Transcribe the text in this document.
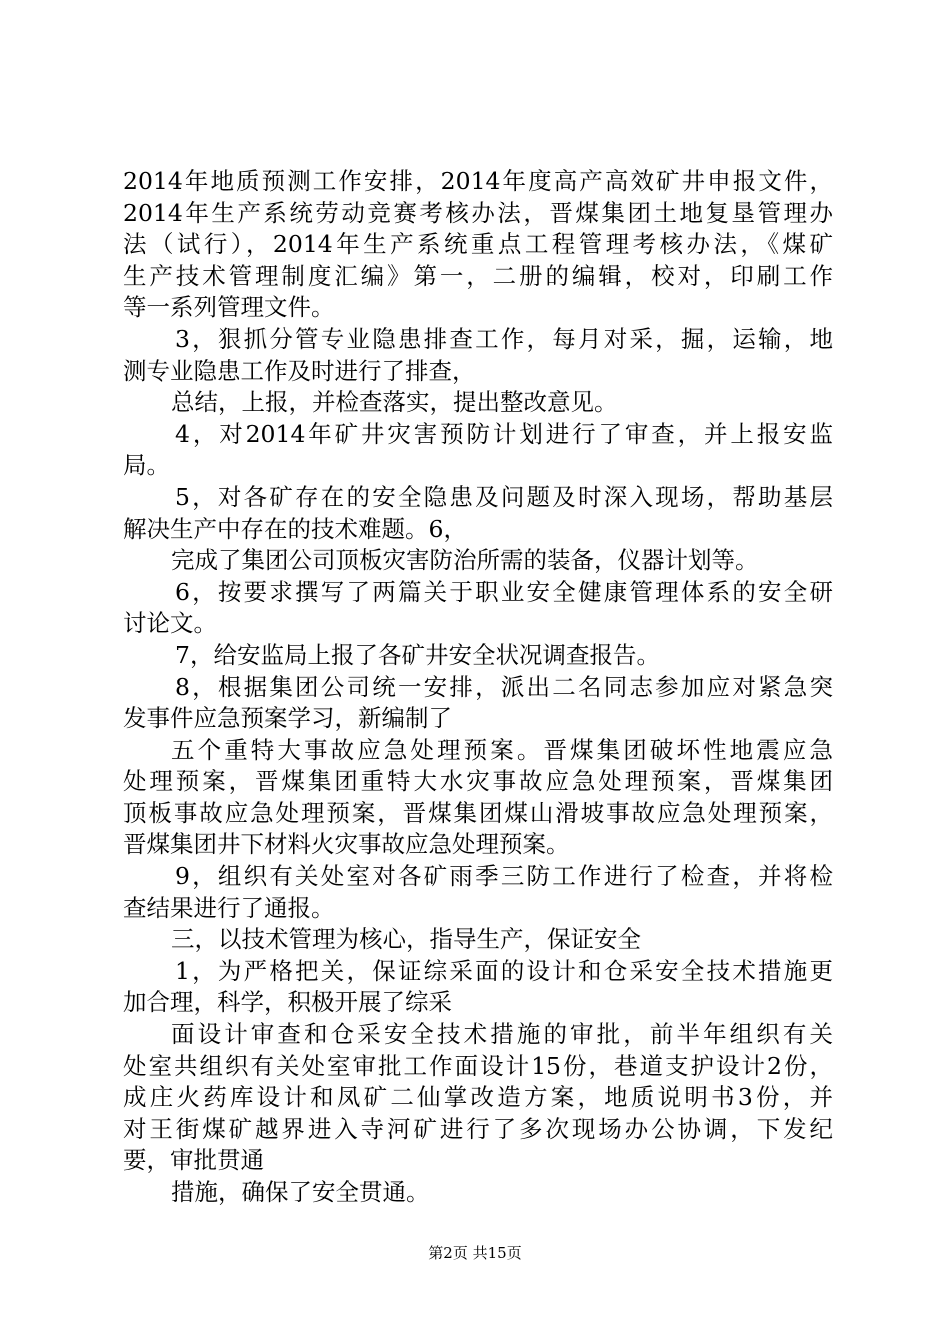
2014年地质预测工作安排，2014年度高产高效矿井申报文件，
2014年生产系统劳动竞赛考核办法，晋煤集团土地复垦管理办
法（试行），2014年生产系统重点工程管理考核办法，《煤矿
生产技术管理制度汇编》第一，二册的编辑，校对，印刷工作
等一系列管理文件。
3，狠抓分管专业隐患排查工作，每月对采，掘，运输，地
测专业隐患工作及时进行了排查，
总结，上报，并检查落实，提出整改意见。
4，对2014年矿井灾害预防计划进行了审查，并上报安监
局。
5，对各矿存在的安全隐患及问题及时深入现场，帮助基层
解决生产中存在的技术难题。6，
完成了集团公司顶板灾害防治所需的装备，仪器计划等。
6，按要求撰写了两篇关于职业安全健康管理体系的安全研
讨论文。
7，给安监局上报了各矿井安全状况调查报告。
8，根据集团公司统一安排，派出二名同志参加应对紧急突
发事件应急预案学习，新编制了
五个重特大事故应急处理预案。晋煤集团破坏性地震应急
处理预案，晋煤集团重特大水灾事故应急处理预案，晋煤集团
顶板事故应急处理预案，晋煤集团煤山滑坡事故应急处理预案，
晋煤集团井下材料火灾事故应急处理预案。
9，组织有关处室对各矿雨季三防工作进行了检查，并将检
查结果进行了通报。
三，以技术管理为核心，指导生产，保证安全
1，为严格把关，保证综采面的设计和仓采安全技术措施更
加合理，科学，积极开展了综采
面设计审查和仓采安全技术措施的审批，前半年组织有关
处室共组织有关处室审批工作面设计15份，巷道支护设计2份，
成庄火药库设计和凤矿二仙掌改造方案，地质说明书3份，并
对王街煤矿越界进入寺河矿进行了多次现场办公协调，下发纪
要，审批贯通
措施，确保了安全贯通。
第2页 共15页
